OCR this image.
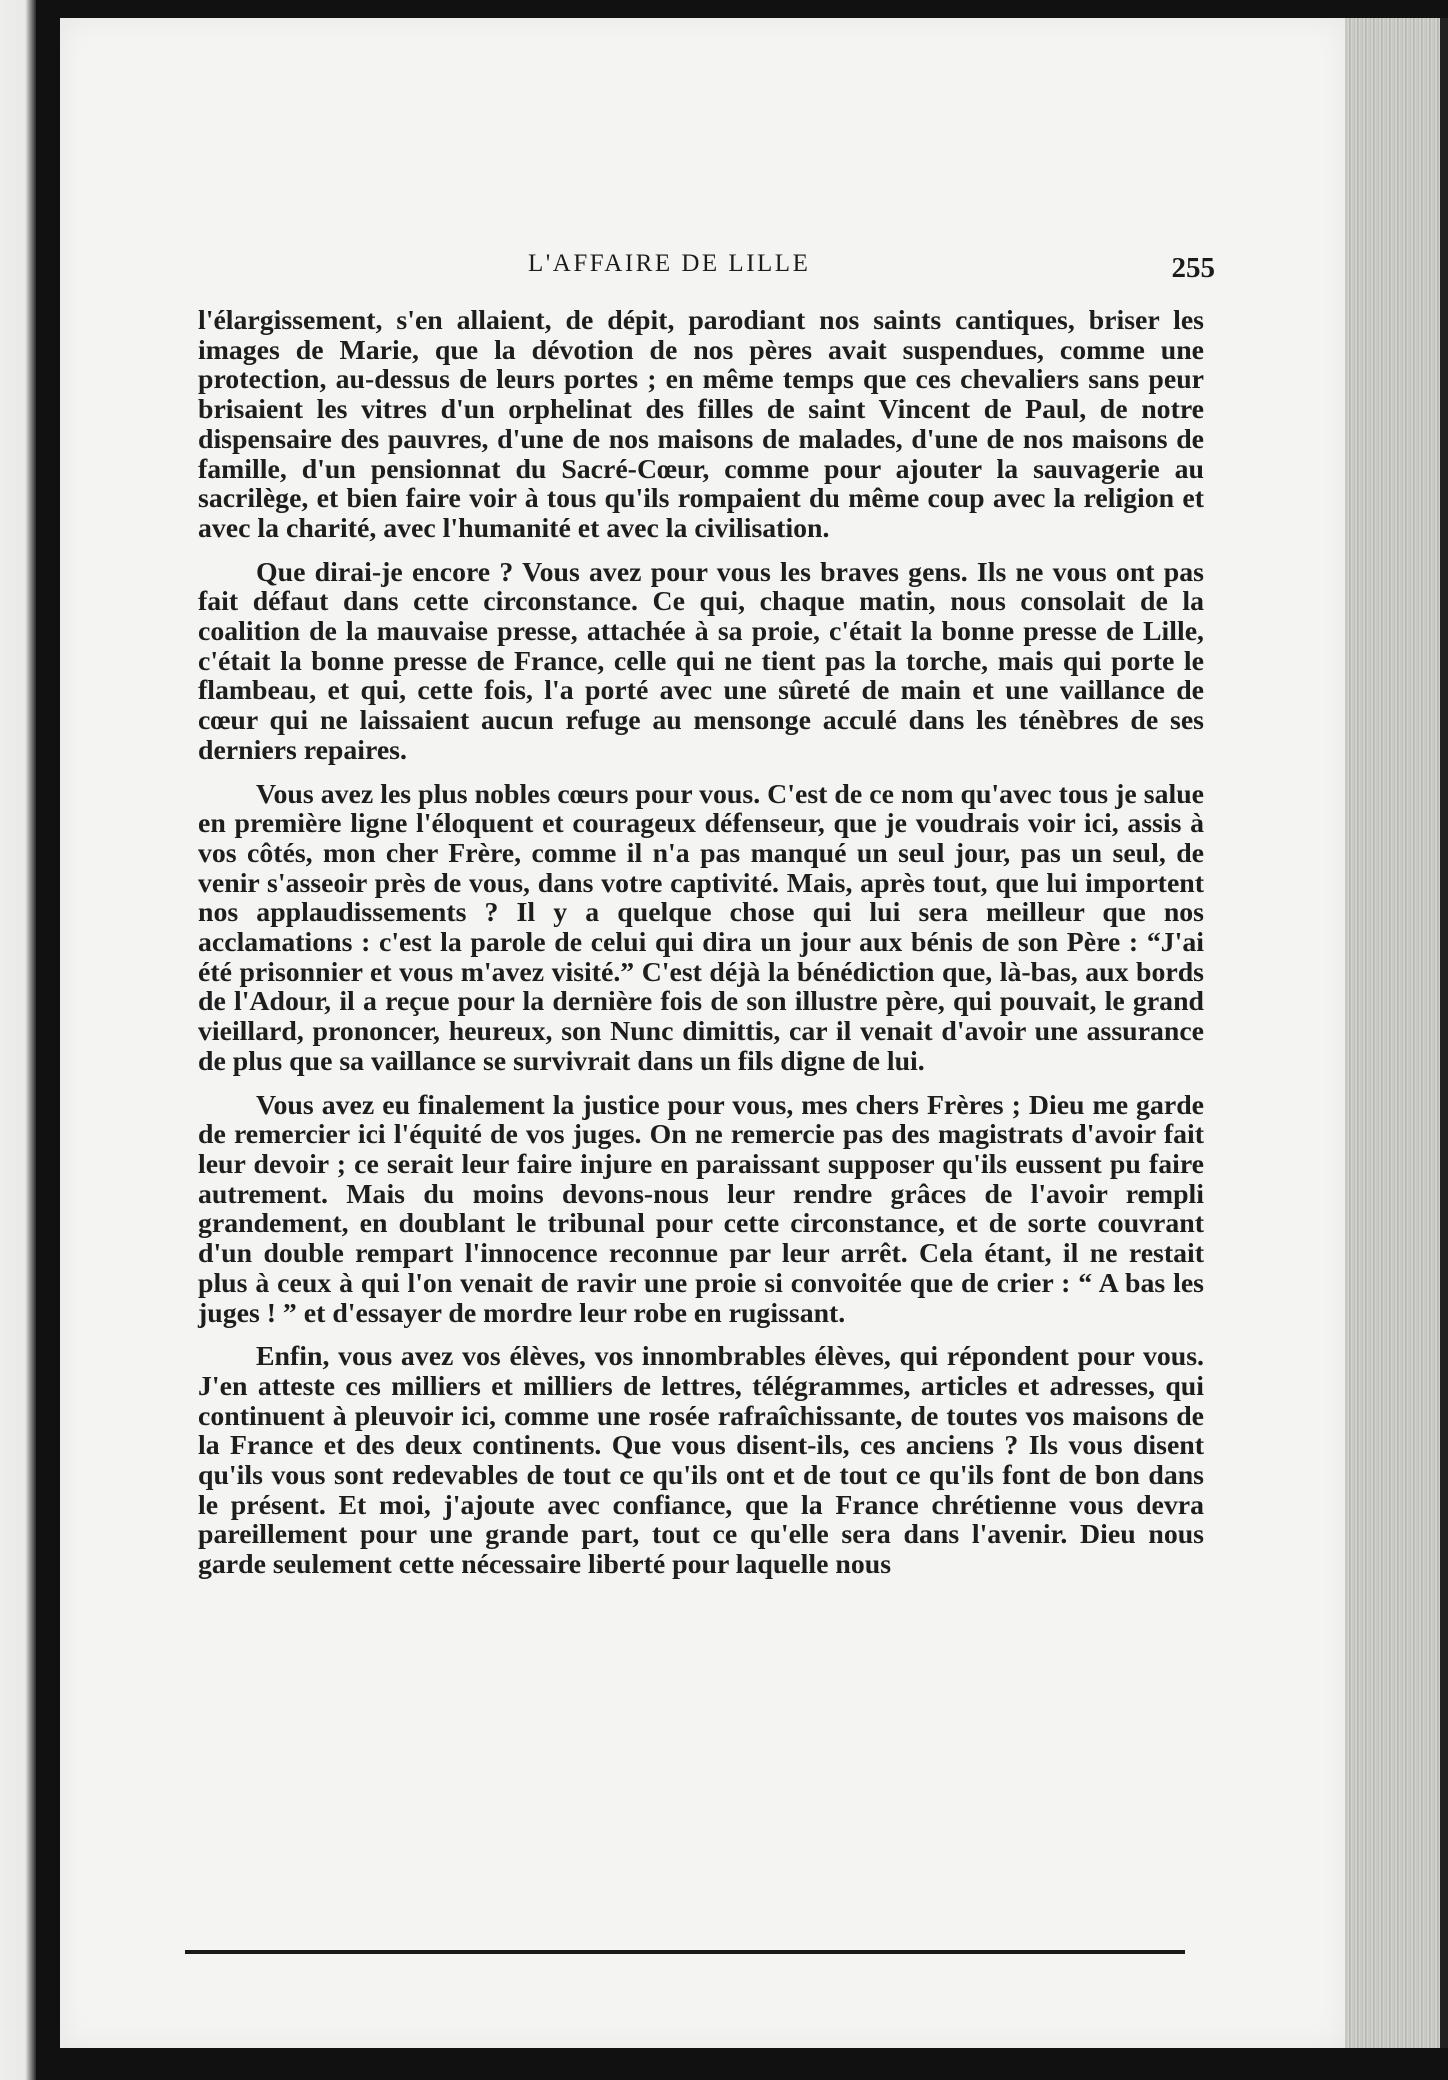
L'AFFAIRE DE LILLE	255

l'élargissement, s'en allaient, de dépit, parodiant nos saints cantiques, briser les images de Marie, que la dévotion de nos pères avait suspendues, comme une protection, au-dessus de leurs portes ; en même temps que ces chevaliers sans peur brisaient les vitres d'un orphelinat des filles de saint Vincent de Paul, de notre dispensaire des pauvres, d'une de nos maisons de malades, d'une de nos maisons de famille, d'un pensionnat du Sacré-Cœur, comme pour ajouter la sauvagerie au sacrilège, et bien faire voir à tous qu'ils rompaient du même coup avec la religion et avec la charité, avec l'humanité et avec la civilisation.

Que dirai-je encore ? Vous avez pour vous les braves gens. Ils ne vous ont pas fait défaut dans cette circonstance. Ce qui, chaque matin, nous consolait de la coalition de la mauvaise presse, attachée à sa proie, c'était la bonne presse de Lille, c'était la bonne presse de France, celle qui ne tient pas la torche, mais qui porte le flambeau, et qui, cette fois, l'a porté avec une sûreté de main et une vaillance de cœur qui ne laissaient aucun refuge au mensonge acculé dans les ténèbres de ses derniers repaires.

Vous avez les plus nobles cœurs pour vous. C'est de ce nom qu'avec tous je salue en première ligne l'éloquent et courageux défenseur, que je voudrais voir ici, assis à vos côtés, mon cher Frère, comme il n'a pas manqué un seul jour, pas un seul, de venir s'asseoir près de vous, dans votre captivité. Mais, après tout, que lui importent nos applaudissements ? Il y a quelque chose qui lui sera meilleur que nos acclamations : c'est la parole de celui qui dira un jour aux bénis de son Père : “J'ai été prisonnier et vous m'avez visité.” C'est déjà la bénédiction que, là-bas, aux bords de l'Adour, il a reçue pour la dernière fois de son illustre père, qui pouvait, le grand vieillard, prononcer, heureux, son Nunc dimittis, car il venait d'avoir une assurance de plus que sa vaillance se survivrait dans un fils digne de lui.

Vous avez eu finalement la justice pour vous, mes chers Frères ; Dieu me garde de remercier ici l'équité de vos juges. On ne remercie pas des magistrats d'avoir fait leur devoir ; ce serait leur faire injure en paraissant supposer qu'ils eussent pu faire autrement. Mais du moins devons-nous leur rendre grâces de l'avoir rempli grandement, en doublant le tribunal pour cette circonstance, et de sorte couvrant d'un double rempart l'innocence reconnue par leur arrêt. Cela étant, il ne restait plus à ceux à qui l'on venait de ravir une proie si convoitée que de crier : “ A bas les juges ! ” et d'essayer de mordre leur robe en rugissant.

Enfin, vous avez vos élèves, vos innombrables élèves, qui répondent pour vous. J'en atteste ces milliers et milliers de lettres, télégrammes, articles et adresses, qui continuent à pleuvoir ici, comme une rosée rafraîchissante, de toutes vos maisons de la France et des deux continents. Que vous disent-ils, ces anciens ? Ils vous disent qu'ils vous sont redevables de tout ce qu'ils ont et de tout ce qu'ils font de bon dans le présent. Et moi, j'ajoute avec confiance, que la France chrétienne vous devra pareillement pour une grande part, tout ce qu'elle sera dans l'avenir. Dieu nous garde seulement cette nécessaire liberté pour laquelle nous
